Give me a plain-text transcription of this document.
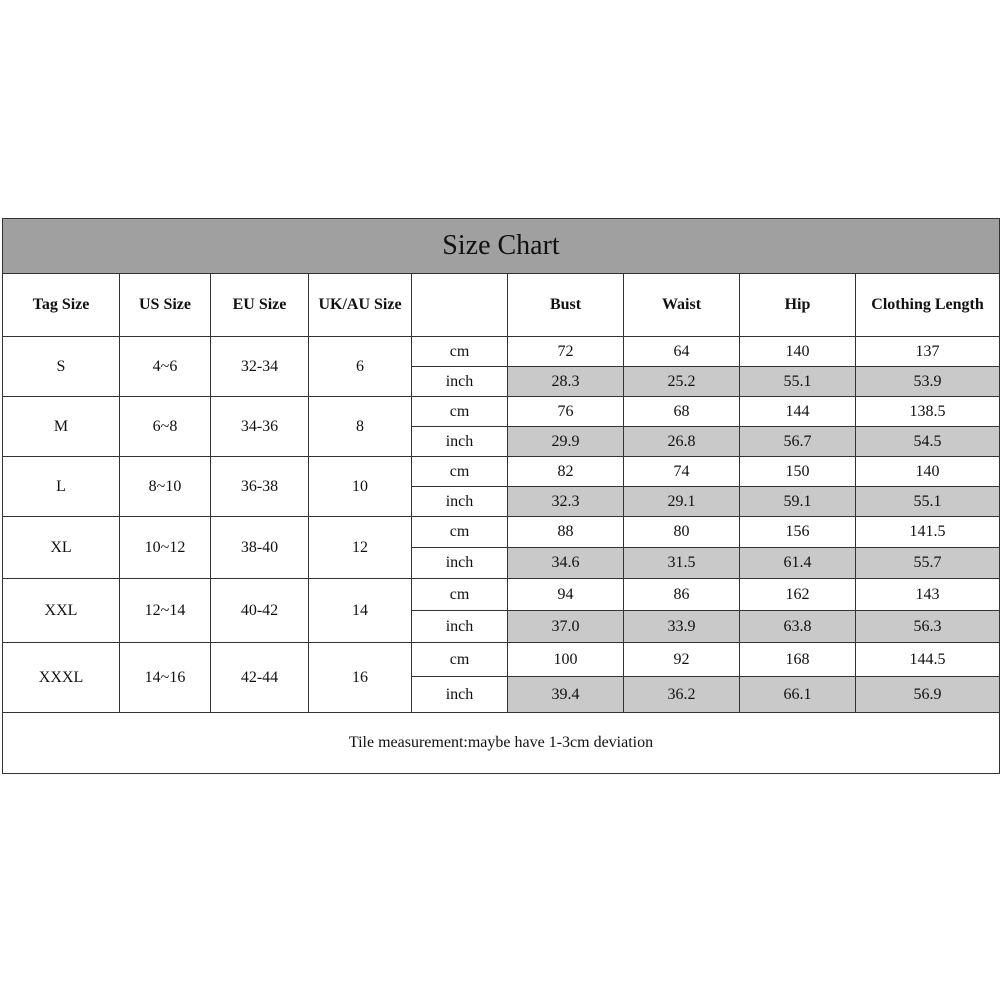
Size Chart								
Tag Size	US Size	EU Size	UK/AU Size		Bust	Waist	Hip	Clothing Length
S	4~6	32-34	6	cm	72	64	140	137
				inch	28.3	25.2	55.1	53.9
M	6~8	34-36	8	cm	76	68	144	138.5
				inch	29.9	26.8	56.7	54.5
L	8~10	36-38	10	cm	82	74	150	140
				inch	32.3	29.1	59.1	55.1
XL	10~12	38-40	12	cm	88	80	156	141.5
				inch	34.6	31.5	61.4	55.7
XXL	12~14	40-42	14	cm	94	86	162	143
				inch	37.0	33.9	63.8	56.3
XXXL	14~16	42-44	16	cm	100	92	168	144.5
				inch	39.4	36.2	66.1	56.9
Tile measurement:maybe have 1-3cm deviation								
